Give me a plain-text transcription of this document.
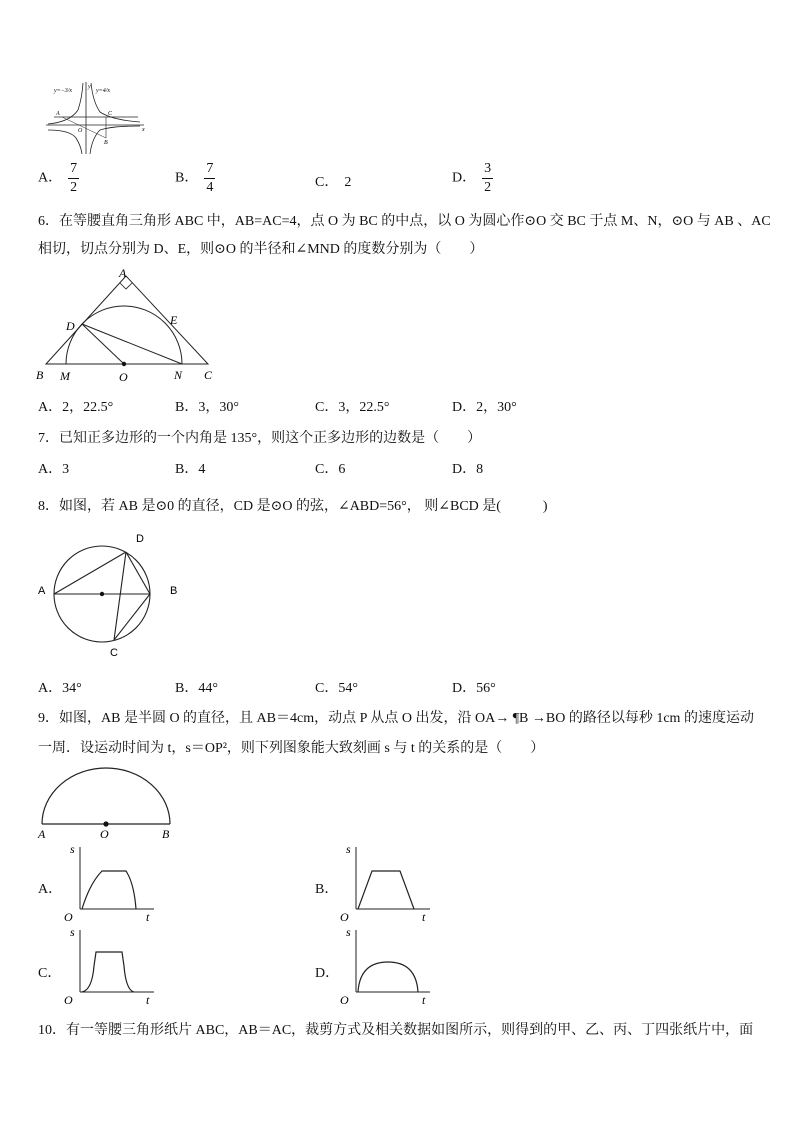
y=−3/x	y=4/x
y
x
A	C
O
B
A． $\frac{7}{2}$	B． $\frac{7}{4}$	C． 2	D． $\frac{3}{2}$
6．在等腰直角三角形 ABC 中，AB=AC=4，点 O 为 BC 的中点，以 O 为圆心作⊙O 交 BC 于点 M、N，⊙O 与 AB 、AC
相切，切点分别为 D、E，则⊙O 的半径和∠MND 的度数分别为（　　）
A
D	E
B M	O	N C
A．2，22.5°	B．3，30°	C．3，22.5°	D．2，30°
7．已知正多边形的一个内角是 135°，则这个正多边形的边数是（　　）
A．3	B．4	C．6	D．8
8．如图，若 AB 是⊙0 的直径，CD 是⊙O 的弦，∠ABD=56°， 则∠BCD 是(　　　)
A	B
D
C
A．34°	B．44°	C．54°	D．56°
9．如图，AB 是半圆 O 的直径，且 AB＝4cm，动点 P 从点 O 出发，沿 OA→ ¶B →BO 的路径以每秒 1cm 的速度运动
一周．设运动时间为 t，s＝OP²，则下列图象能大致刻画 s 与 t 的关系的是（　　）
A	O	B
A．
s
O	t
B．
s
O	t
C．
s
O	t
D．
s
O	t
10．有一等腰三角形纸片 ABC，AB＝AC，裁剪方式及相关数据如图所示，则得到的甲、乙、丙、丁四张纸片中，面
